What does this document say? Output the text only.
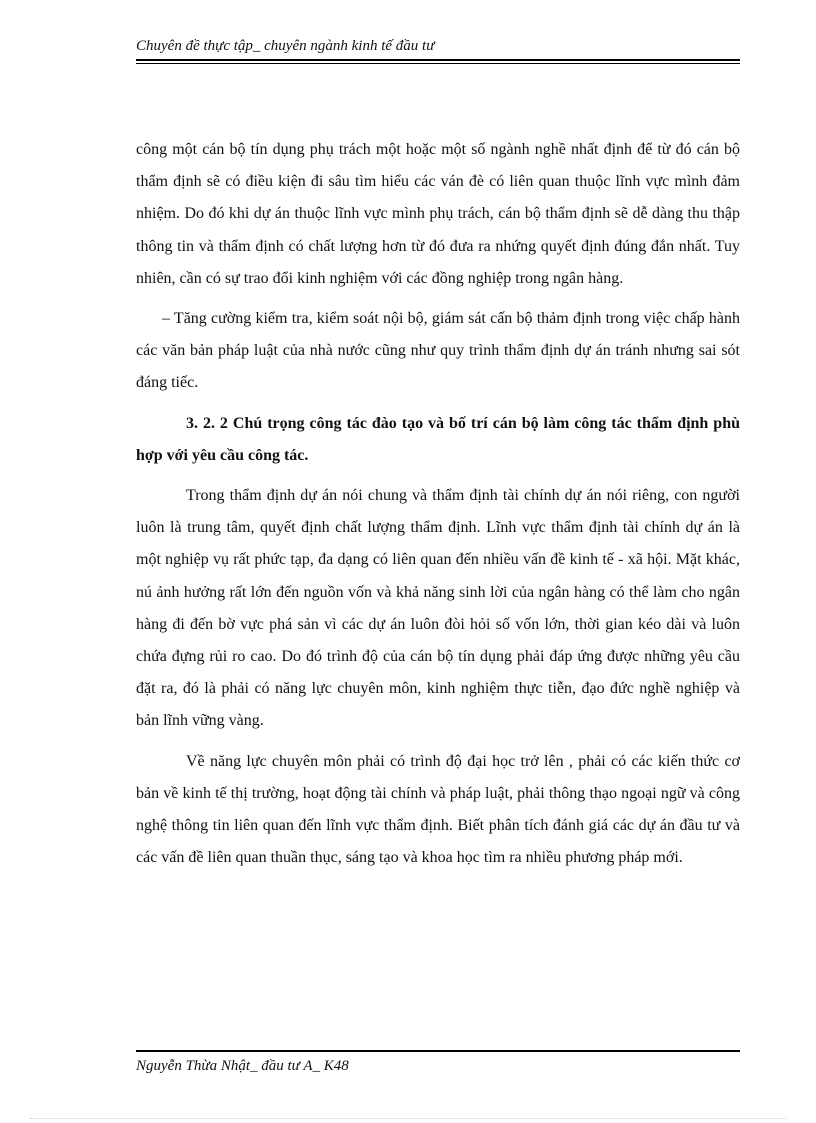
Chuyên đề thực tập_ chuyên ngành kinh tế đầu tư

công một cán bộ tín dụng phụ trách một hoặc một số ngành nghề nhất định để từ đó cán bộ thẩm định sẽ có điều kiện đi sâu tìm hiểu các ván đè có liên quan thuộc lĩnh vực mình đảm nhiệm. Do đó khi dự án thuộc lĩnh vực mình phụ trách, cán bộ thẩm định sẽ dễ dàng thu thập thông tin và thẩm định có chất lượng hơn từ đó đưa ra nhứng quyết định đúng đắn nhất. Tuy nhiên, cần có sự trao đổi kinh nghiệm với các đồng nghiệp trong ngân hàng.

– Tăng cường kiểm tra, kiểm soát nội bộ, giám sát cấn bộ thảm định trong việc chấp hành các văn bản pháp luật của nhà nước cũng như quy trình thẩm định dự án tránh nhưng sai sót đáng tiếc.

3. 2. 2 Chú trọng công tác đào tạo và bố trí cán bộ làm công tác thẩm định phù hợp với yêu cầu công tác.

Trong thẩm định dự án nói chung và thẩm định tài chính dự án nói riêng, con người luôn là trung tâm, quyết định chất lượng thẩm định. Lĩnh vực thẩm định tài chính dự án là một nghiệp vụ rất phức tạp, đa dạng có liên quan đến nhiều vấn đề kinh tế - xã hội. Mặt khác, nú ảnh hưởng rất lớn đến nguồn vốn và khả năng sinh lời của ngân hàng có thể làm cho ngân hàng đi đến bờ vực phá sản vì các dự án luôn đòi hỏi số vốn lớn, thời gian kéo dài và luôn chứa đựng rủi ro cao. Do đó trình độ của cán bộ tín dụng phải đáp ứng được những yêu cầu đặt ra, đó là phải có năng lực chuyên môn, kinh nghiệm thực tiễn, đạo đức nghề nghiệp và bản lĩnh vững vàng.

Về năng lực chuyên môn phải có trình độ đại học trở lên , phải có các kiến thức cơ bản về kinh tế thị trường, hoạt động tài chính và pháp luật, phải thông thạo ngoại ngữ và công nghệ thông tin liên quan đến lĩnh vực thẩm định. Biết phân tích đánh giá các dự án đầu tư và các vấn đề liên quan thuần thục, sáng tạo và khoa học tìm ra nhiều phương pháp mới.

Nguyễn Thừa Nhật_ đầu tư A_ K48
